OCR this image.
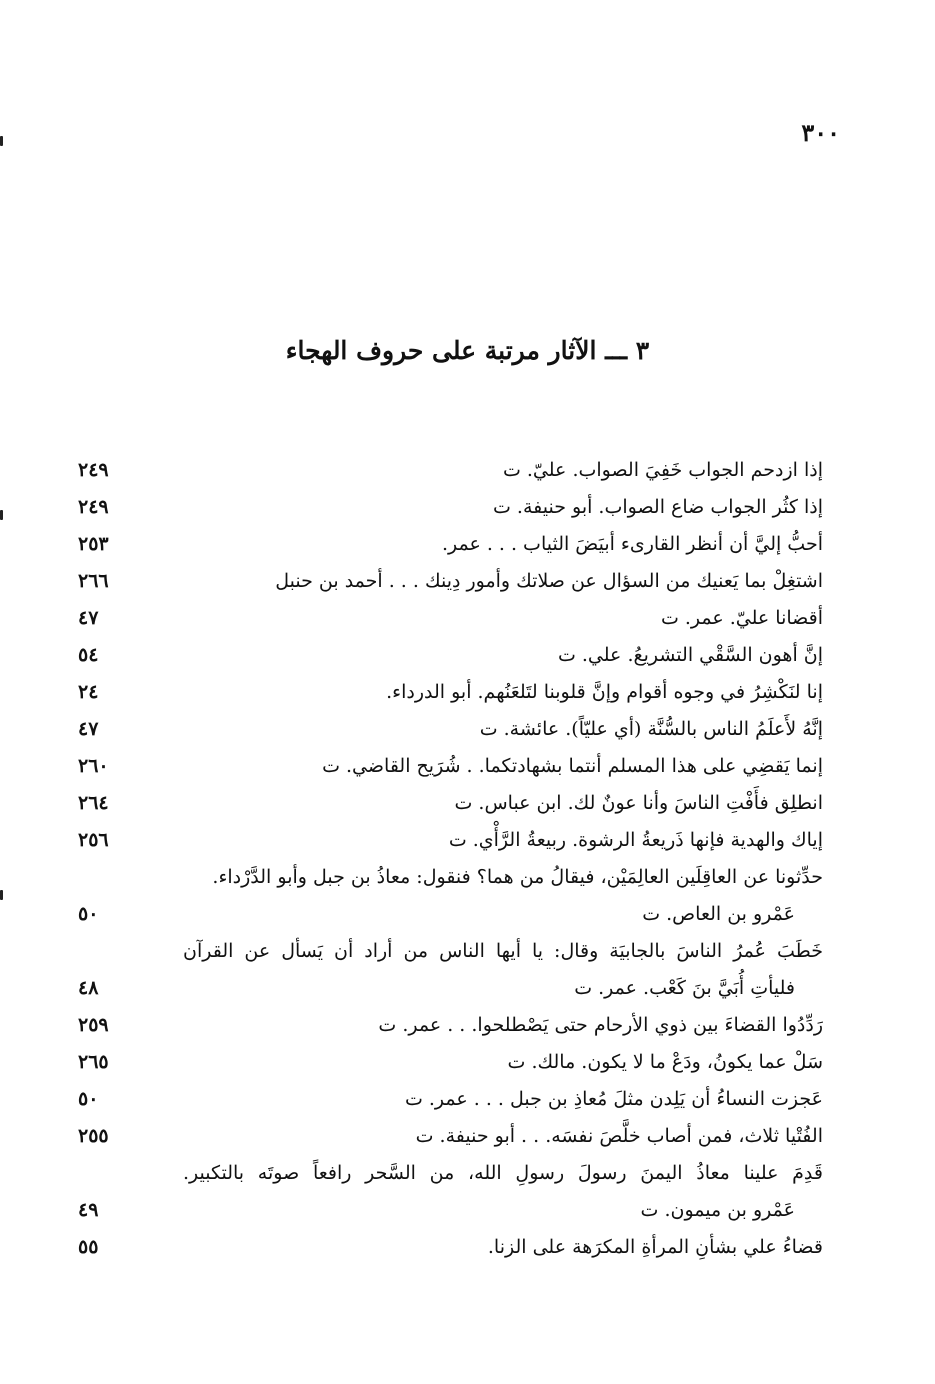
٣٠٠
٣ ـــ الآثار مرتبة على حروف الهجاء
إذا ازدحم الجواب خَفِيَ الصواب. عليّ. ت
٢٤٩
إذا كثُر الجواب ضاع الصواب. أبو حنيفة. ت
٢٤٩
أحبُّ إليَّ أن أنظر القارىء أبيَضَ الثياب . . . عمر.
٢٥٣
اشتغِلْ بما يَعنيك من السؤال عن صلاتك وأمور دِينك . . . أحمد بن حنبل
٢٦٦
أقضانا عليّ. عمر. ت
٤٧
إنَّ أهون السَّقْي التشريعُ. علي. ت
٥٤
إنا لنَكْشِرُ في وجوه أقوام وإنَّ قلوبنا لتَلعَنُهم. أبو الدرداء.
٢٤
إنَّهُ لأَعلَمُ الناس بالسُّنَّة (أي عليّاً). عائشة. ت
٤٧
إنما يَقضِي على هذا المسلم أنتما بشهادتكما. . شُرَيح القاضي. ت
٢٦٠
انطلِق فأَفْتِ الناسَ وأنا عونٌ لك. ابن عباس. ت
٢٦٤
إياك والهدية فإنها ذَريعةُ الرشوة. ربيعةُ الرَّأْي. ت
٢٥٦
حدِّثونا عن العاقِلَين العالِمَيْن، فيقالُ من هما؟ فنقول: معاذُ بن جبل وأبو الدَّرْداء.
عَمْرو بن العاص. ت
٥٠
خَطَبَ عُمرُ الناسَ بالجابيَة وقال: يا أيها الناس من أراد أن يَسأل عن القرآن
فليأتِ أُبَيَّ بنَ كَعْب. عمر. ت
٤٨
رَدِّدُوا القضاءَ بين ذوي الأرحام حتى يَصْطلحوا. . . عمر. ت
٢٥٩
سَلْ عما يكونُ، ودَعْ ما لا يكون. مالك. ت
٢٦٥
عَجزت النساءُ أن يَلِدن مثلَ مُعاذِ بن جبل . . . عمر. ت
٥٠
الفُتْيا ثلاث، فمن أصاب خلَّصَ نفسَه. . . أبو حنيفة. ت
٢٥٥
قَدِمَ علينا معاذُ اليمنَ رسولَ رسولِ الله، من السَّحر رافعاً صوتَه بالتكبير.
عَمْرو بن ميمون. ت
٤٩
قضاءُ علي بشأنِ المرأةِ المكرَهة على الزنا.
٥٥
